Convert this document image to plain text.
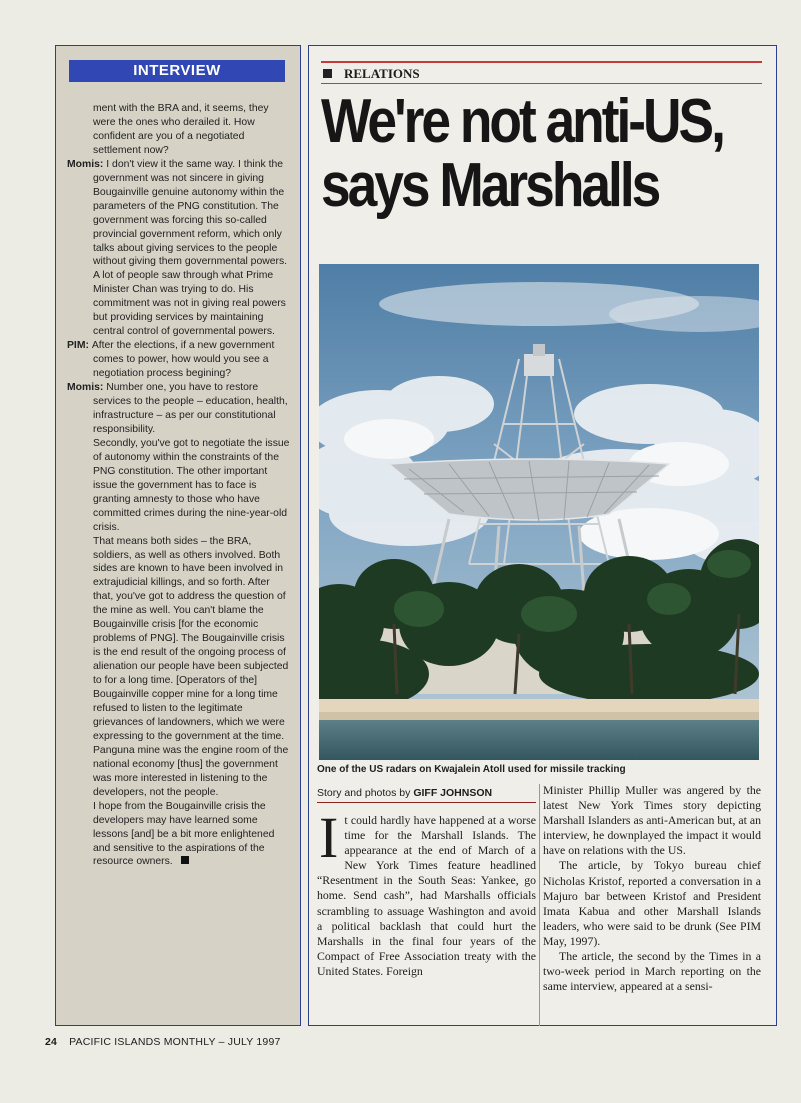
INTERVIEW

ment with the BRA and, it seems, they were the ones who derailed it. How confident are you of a negotiated settlement now?

Momis: I don't view it the same way. I think the government was not sincere in giving Bougainville genuine autonomy within the parameters of the PNG constitution. The government was forcing this so-called provincial government reform, which only talks about giving services to the people without giving them governmental powers.

A lot of people saw through what Prime Minister Chan was trying to do. His commitment was not in giving real powers but providing services by maintaining central control of governmental powers.

PIM: After the elections, if a new government comes to power, how would you see a negotiation process begining?

Momis: Number one, you have to restore services to the people – education, health, infrastructure – as per our constitutional responsibility.

Secondly, you've got to negotiate the issue of autonomy within the constraints of the PNG constitution. The other important issue the government has to face is granting amnesty to those who have committed crimes during the nine-year-old crisis.

That means both sides – the BRA, soldiers, as well as others involved. Both sides are known to have been involved in extrajudicial killings, and so forth. After that, you've got to address the question of the mine as well. You can't blame the Bougainville crisis [for the economic problems of PNG]. The Bougainville crisis is the end result of the ongoing process of alienation our people have been subjected to for a long time. [Operators of the] Bougainville copper mine for a long time refused to listen to the legitimate grievances of landowners, which we were expressing to the government at the time.

Panguna mine was the engine room of the national economy [thus] the government was more interested in listening to the developers, not the people.

I hope from the Bougainville crisis the developers may have learned some lessons [and] be a bit more enlightened and sensitive to the aspirations of the resource owners.

RELATIONS
We're not anti-US,
says Marshalls
One of the US radars on Kwajalein Atoll used for missile tracking
Story and photos by GIFF JOHNSON
I t could hardly have happened at a worse time for the Marshall Islands. The appearance at the end of March of a New York Times feature headlined “Resentment in the South Seas: Yankee, go home. Send cash”, had Marshalls officials scrambling to assuage Washington and avoid a political backlash that could hurt the Marshalls in the final four years of the Compact of Free Association treaty with the United States. Foreign

Minister Phillip Muller was angered by the latest New York Times story depicting Marshall Islanders as anti-American but, at an interview, he downplayed the impact it would have on relations with the US.

The article, by Tokyo bureau chief Nicholas Kristof, reported a conversation in a Majuro bar between Kristof and President Imata Kabua and other Marshall Islands leaders, who were said to be drunk (See PIM May, 1997).

The article, the second by the Times in a two-week period in March reporting on the same interview, appeared at a sensi-

24 PACIFIC ISLANDS MONTHLY – JULY 1997
